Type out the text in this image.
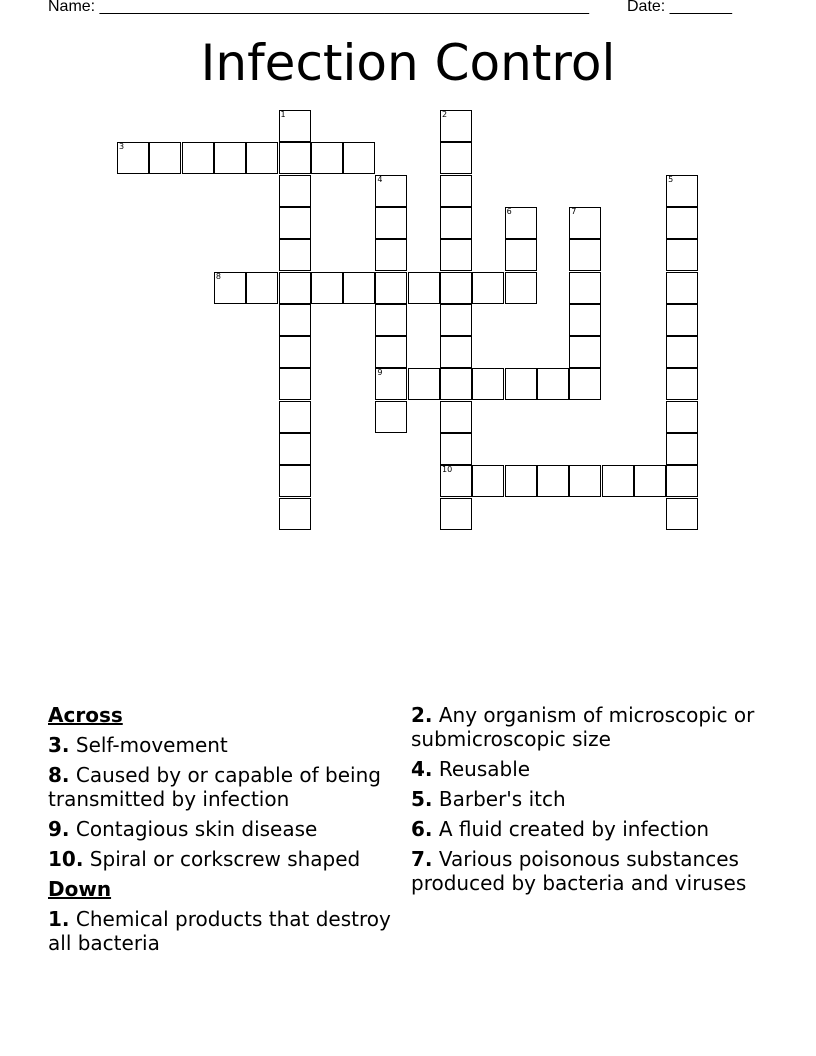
Name: _______________________________________________________ Date: _______
Infection Control
3
8
9
10
1	2
4	5
6	7
Across
3. Self-movement
8. Caused by or capable of being transmitted by infection
9. Contagious skin disease
10. Spiral or corkscrew shaped
Down
1. Chemical products that destroy all bacteria
2. Any organism of microscopic or submicroscopic size
4. Reusable
5. Barber's itch
6. A fluid created by infection
7. Various poisonous substances produced by bacteria and viruses
